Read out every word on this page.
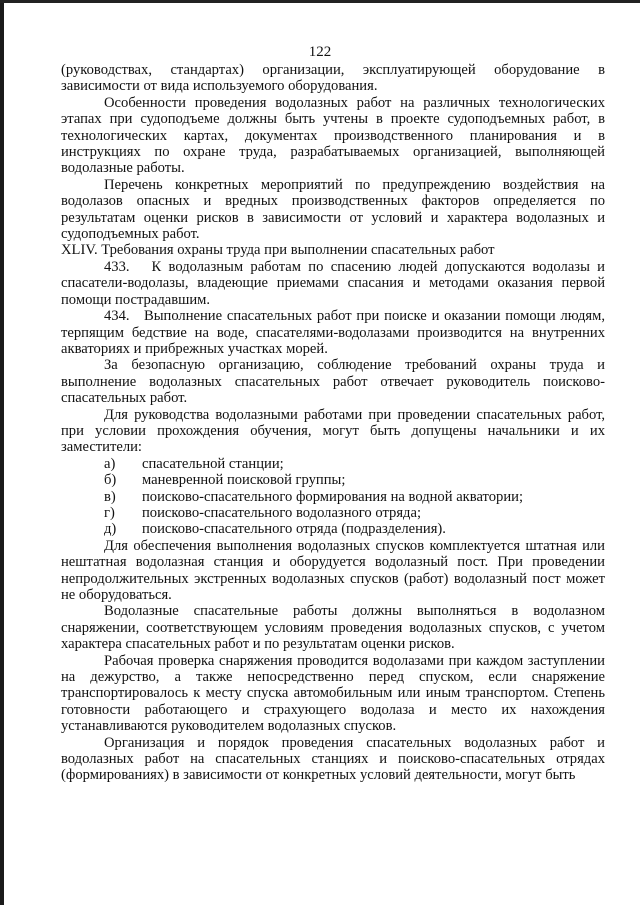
122

(руководствах, стандартах) организации, эксплуатирующей оборудование в зависимости от вида используемого оборудования.

Особенности проведения водолазных работ на различных технологических этапах при судоподъеме должны быть учтены в проекте судоподъемных работ, в технологических картах, документах производственного планирования и в инструкциях по охране труда, разрабатываемых организацией, выполняющей водолазные работы.

Перечень конкретных мероприятий по предупреждению воздействия на водолазов опасных и вредных производственных факторов определяется по результатам оценки рисков в зависимости от условий и характера водолазных и судоподъемных работ.

XLIV. Требования охраны труда при выполнении спасательных работ

433.   К водолазным работам по спасению людей допускаются водолазы и спасатели-водолазы, владеющие приемами спасания и методами оказания первой помощи пострадавшим.

434.   Выполнение спасательных работ при поиске и оказании помощи людям, терпящим бедствие на воде, спасателями-водолазами производится на внутренних акваториях и прибрежных участках морей.

За безопасную организацию, соблюдение требований охраны труда и выполнение водолазных спасательных работ отвечает руководитель поисково-спасательных работ.

Для руководства водолазными работами при проведении спасательных работ, при условии прохождения обучения, могут быть допущены начальники и их заместители:

а)	спасательной станции;
б)	маневренной поисковой группы;
в)	поисково-спасательного формирования на водной акватории;
г)	поисково-спасательного водолазного отряда;
д)	поисково-спасательного отряда (подразделения).

Для обеспечения выполнения водолазных спусков комплектуется штатная или нештатная водолазная станция и оборудуется водолазный пост. При проведении непродолжительных экстренных водолазных спусков (работ) водолазный пост может не оборудоваться.

Водолазные спасательные работы должны выполняться в водолазном снаряжении, соответствующем условиям проведения водолазных спусков, с учетом характера спасательных работ и по результатам оценки рисков.

Рабочая проверка снаряжения проводится водолазами при каждом заступлении на дежурство, а также непосредственно перед спуском, если снаряжение транспортировалось к месту спуска автомобильным или иным транспортом. Степень готовности работающего и страхующего водолаза и место их нахождения устанавливаются руководителем водолазных спусков.

Организация и порядок проведения спасательных водолазных работ и водолазных работ на спасательных станциях и поисково-спасательных отрядах (формированиях) в зависимости от конкретных условий деятельности, могут быть
